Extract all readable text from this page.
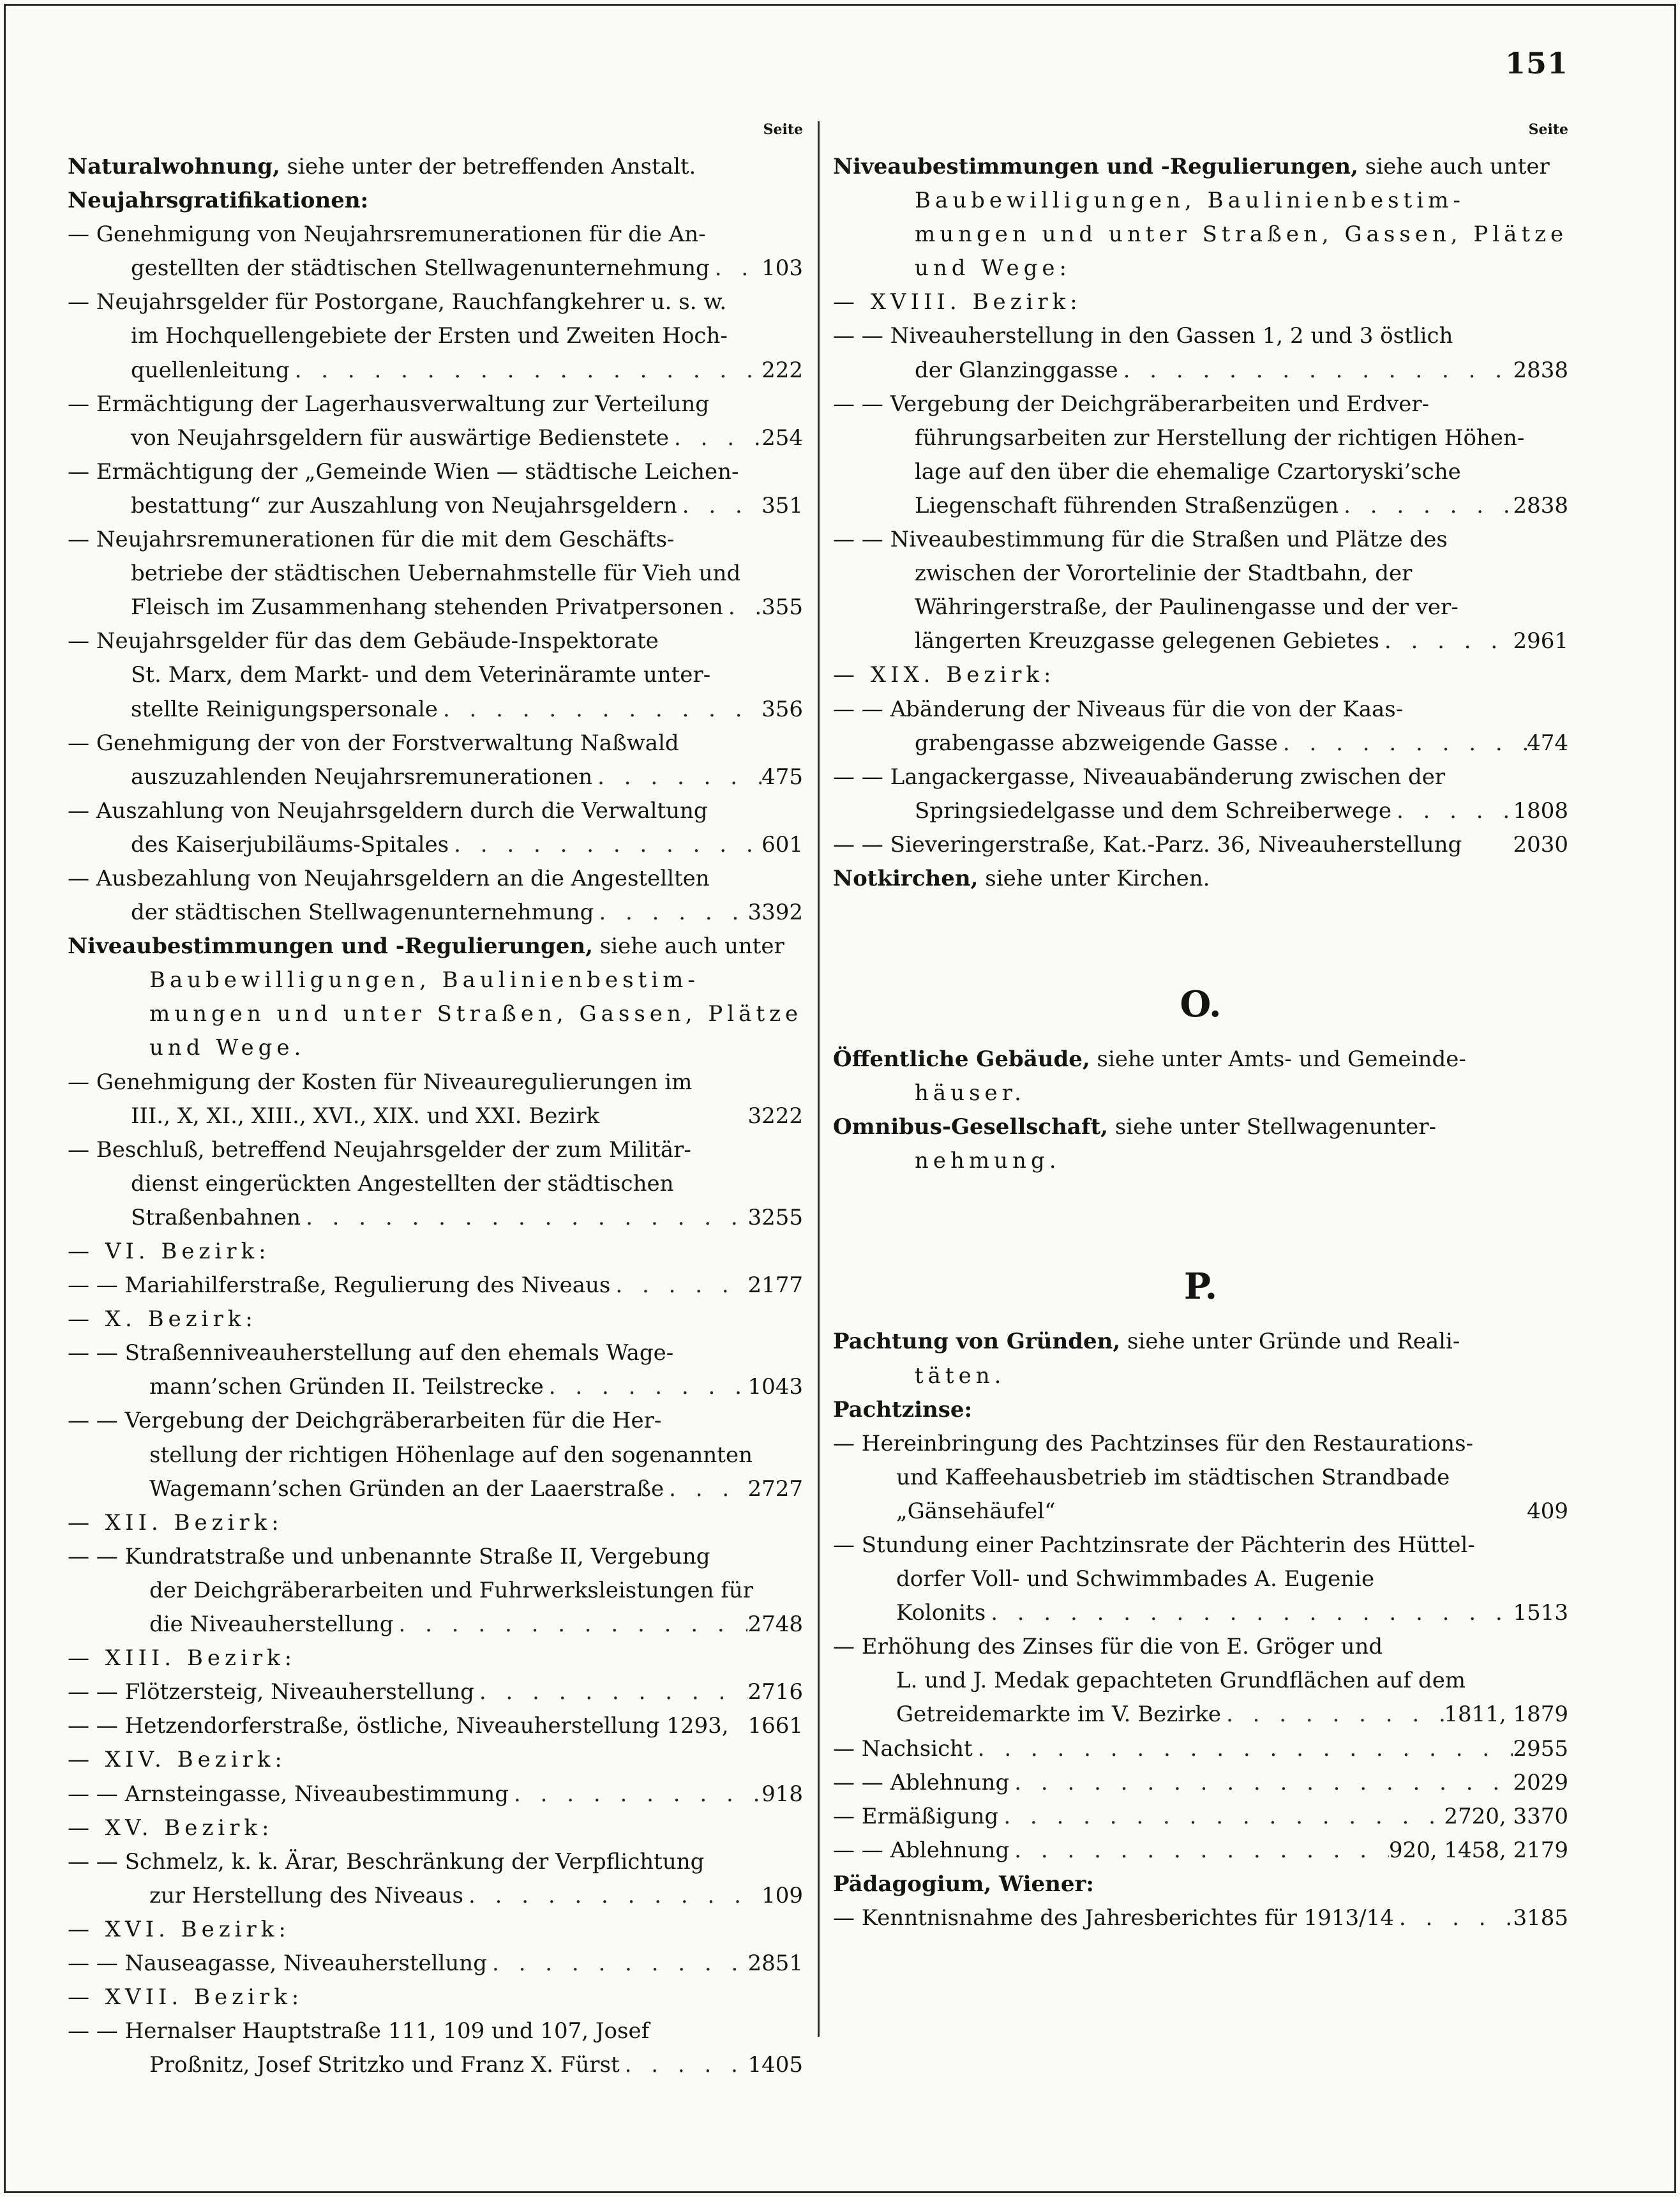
151
Seite
Naturalwohnung, siehe unter der betreffenden Anstalt.
Neujahrsgratifikationen:
— Genehmigung von Neujahrsremunerationen für die An-
gestellten der städtischen Stellwagenunternehmung . . . 103
— Neujahrsgelder für Postorgane, Rauchfangkehrer u. s. w.
im Hochquellengebiete der Ersten und Zweiten Hoch-
quellenleitung . . .	222
— Ermächtigung der Lagerhausverwaltung zur Verteilung
von Neujahrsgeldern für auswärtige Bedienstete . . .	254
— Ermächtigung der „Gemeinde Wien — städtische Leichen-
bestattung“ zur Auszahlung von Neujahrsgeldern . . .	351
— Neujahrsremunerationen für die mit dem Geschäfts-
betriebe der städtischen Uebernahmstelle für Vieh und
Fleisch im Zusammenhang stehenden Privatpersonen . . . 355
— Neujahrsgelder für das dem Gebäude-Inspektorate
St. Marx, dem Markt- und dem Veterinäramte unter-
stellte Reinigungspersonale . . .	356
— Genehmigung der von der Forstverwaltung Naßwald
auszuzahlenden Neujahrsremunerationen . . .	475
— Auszahlung von Neujahrsgeldern durch die Verwaltung
des Kaiserjubiläums-Spitales . . .	601
— Ausbezahlung von Neujahrsgeldern an die Angestellten
der städtischen Stellwagenunternehmung . . .	3392
Niveaubestimmungen und -Regulierungen, siehe auch unter
Baubewilligungen, Baulinienbestim-
mungen und unter Straßen, Gassen, Plätze
und Wege.
— Genehmigung der Kosten für Niveauregulierungen im
III., X, XI., XIII., XVI., XIX. und XXI. Bezirk	3222
— Beschluß, betreffend Neujahrsgelder der zum Militär-
dienst eingerückten Angestellten der städtischen
Straßenbahnen . . .	3255
— VI. Bezirk:
— — Mariahilferstraße, Regulierung des Niveaus . . .	2177
— X. Bezirk:
— — Straßenniveauherstellung auf den ehemals Wage-
mann’schen Gründen II. Teilstrecke . . .	1043
— — Vergebung der Deichgräberarbeiten für die Her-
stellung der richtigen Höhenlage auf den sogenannten
Wagemann’schen Gründen an der Laaerstraße . . .	2727
— XII. Bezirk:
— — Kundratstraße und unbenannte Straße II, Vergebung
der Deichgräberarbeiten und Fuhrwerksleistungen für
die Niveauherstellung . . .	2748
— XIII. Bezirk:
— — Flötzersteig, Niveauherstellung . . .	2716
— — Hetzendorferstraße, östliche, Niveauherstellung 1293, 1661
— XIV. Bezirk:
— — Arnsteingasse, Niveaubestimmung . . .	918
— XV. Bezirk:
— — Schmelz, k. k. Ärar, Beschränkung der Verpflichtung
zur Herstellung des Niveaus . . .	109
— XVI. Bezirk:
— — Nauseagasse, Niveauherstellung . . .	2851
— XVII. Bezirk:
— — Hernalser Hauptstraße 111, 109 und 107, Josef
Proßnitz, Josef Stritzko und Franz X. Fürst . . .	1405
Seite
Niveaubestimmungen und -Regulierungen, siehe auch unter
Baubewilligungen, Baulinienbestim-
mungen und unter Straßen, Gassen, Plätze
und Wege:
— XVIII. Bezirk:
— — Niveauherstellung in den Gassen 1, 2 und 3 östlich
der Glanzinggasse . . .	2838
— — Vergebung der Deichgräberarbeiten und Erdver-
führungsarbeiten zur Herstellung der richtigen Höhen-
lage auf den über die ehemalige Czartoryski’sche
Liegenschaft führenden Straßenzügen . . .	2838
— — Niveaubestimmung für die Straßen und Plätze des
zwischen der Vorortelinie der Stadtbahn, der
Währingerstraße, der Paulinengasse und der ver-
längerten Kreuzgasse gelegenen Gebietes . . .	2961
— XIX. Bezirk:
— — Abänderung der Niveaus für die von der Kaas-
grabengasse abzweigende Gasse . . .	474
— — Langackergasse, Niveauabänderung zwischen der
Springsiedelgasse und dem Schreiberwege . . .	1808
— — Sieveringerstraße, Kat.-Parz. 36, Niveauherstellung 2030
Notkirchen, siehe unter Kirchen.
O.
Öffentliche Gebäude, siehe unter Amts- und Gemeinde-
häuser.
Omnibus-Gesellschaft, siehe unter Stellwagenunter-
nehmung.
P.
Pachtung von Gründen, siehe unter Gründe und Reali-
täten.
Pachtzinse:
— Hereinbringung des Pachtzinses für den Restaurations-
und Kaffeehausbetrieb im städtischen Strandbade
„Gänsehäufel“	409
— Stundung einer Pachtzinsrate der Pächterin des Hüttel-
dorfer Voll- und Schwimmbades A. Eugenie
Kolonits . . .	1513
— Erhöhung des Zinses für die von E. Gröger und
L. und J. Medak gepachteten Grundflächen auf dem
Getreidemarkte im V. Bezirke . . .	1811, 1879
— Nachsicht . . .	2955
— — Ablehnung . . .	2029
— Ermäßigung . . .	2720, 3370
— — Ablehnung . . .	920, 1458, 2179
Pädagogium, Wiener:
— Kenntnisnahme des Jahresberichtes für 1913/14 . . .	3185
